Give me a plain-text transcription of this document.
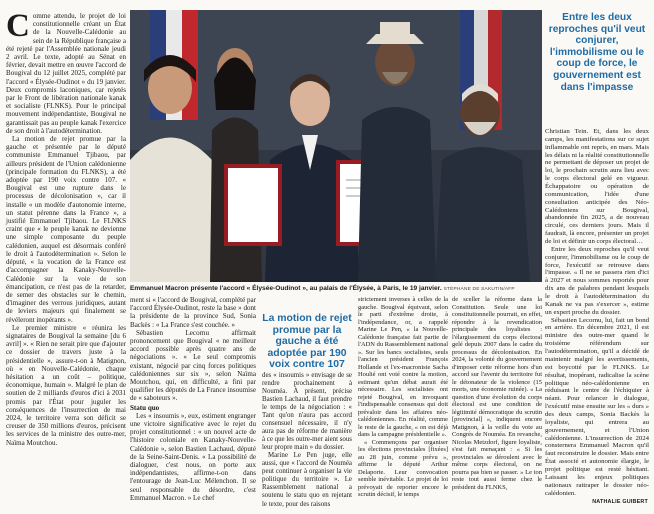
Comme attendu, le projet de loi constitutionnelle créant un État de la Nouvelle-Calédonie au sein de la République française a été rejeté par l'Assemblée nationale jeudi 2 avril. Le texte, adopté au Sénat en février, devait mettre en œuvre l'accord de Bougival du 12 juillet 2025, complété par l'accord « Élysée-Oudinot » du 19 janvier. Deux compromis laconiques, car rejetés par le Front de libération nationale kanak et socialiste (FLNKS). Pour le principal mouvement indépendantiste, Bougival ne garantissait pas au peuple kanak l'exercice de son droit à l'autodétermination.

La motion de rejet promue par la gauche et présentée par le député communiste Emmanuel Tjibaou, par ailleurs président de l'Union calédonienne (principale formation du FLNKS), a été adoptée par 190 voix contre 107. « Bougival est une rupture dans le processus de décolonisation », car il installe « un modèle d'autonomie interne, un statut pérenne dans la France », a justifié Emmanuel Tjibaou. Le FLNKS craint que « le peuple kanak ne devienne une simple composante du peuple calédonien, auquel est désormais conféré le droit à l'autodétermination ». Selon le député, « la vocation de la France est d'accompagner la Kanaky-Nouvelle-Calédonie sur la voie de son émancipation, ce n'est pas de la retarder, de semer des obstacles sur le chemin, d'imaginer des verrous juridiques, autant de leviers majeurs qui finalement se révéleront inopérants ».

Le premier ministre « réunira les signataires de Bougival la semaine [du 6 avril] ». « Rien ne serait pire que d'ajouter ce dossier de travers juste à la présidentielle », assure-t-on à Matignon, où « en Nouvelle-Calédonie, chaque hésitation a un coût – politique, économique, humain ». Malgré le plan de soutien de 2 milliards d'euros d'ici à 2031 promis par l'État pour juguler les conséquences de l'insurrection de mai 2024, le territoire verra son déficit se creuser de 350 millions d'euros, précisent les services de la ministre des outre-mer, Naïma Moutchou.

Emmanuel Macron présente l'accord « Élysée-Oudinot », au palais de l'Élysée, à Paris, le 19 janvier. STÉPHANE DE SAKUTIN/AFP
Entre les deux reproches qu'il veut conjurer, l'immobilisme ou le coup de force, le gouvernement est dans l'impasse

Christian Tein. Et, dans les deux camps, les manifestations sur ce sujet inflammable ont repris, en mars. Mais les délais ni la réalité constitutionnelle ne permettant de déposer un projet de loi, le prochain scrutin aura lieu avec le corps électoral gelé en vigueur. Échappatoire ou opération de communication, l'idée d'une consultation anticipée des Néo-Calédoniens sur Bougival, abandonnée fin 2025, a de nouveau circulé, ces derniers jours. Mais il faudrait, là encore, présenter un projet de loi et définir un corps électoral…

Entre les deux reproches qu'il veut conjurer, l'immobilisme ou le coup de force, l'exécutif se retrouve dans l'impasse. « Il ne se passera rien d'ici à 2027 et nous sommes reportés pour dix ans de palabres pendant lesquels le droit à l'autodétermination du Kanak ne va pas s'exercer », estime un expert proche du dossier.

Sébastien Lecornu, lui, fait un bond en arrière. En décembre 2021, il est ministre des outre-mer quand le troisième référendum sur l'autodétermination, qu'il a décidé de maintenir malgré les avertissements, est boycotté par le FLNKS. Le résultat, inopérant, radicalise la scène politique néo-calédonienne en réduisant le centre de l'échiquier à néant. Pour relancer le dialogue, l'exécutif mise ensuite sur les « durs » des deux camps, Sonia Backès la loyaliste, qui entrera au gouvernement, et l'Union calédonienne. L'insurrection de 2024 consternera Emmanuel Macron qu'il faut reconstruire le dossier. Mais entre État associé et autonomie élargie, le projet politique est resté hésitant. Laissant les enjeux politiques nationaux rattraper le dossier néo-calédonien.

ment si « l'accord de Bougival, complété par l'accord Élysée-Oudinot, reste la base » dont la présidente de la province Sud, Sonia Backès : « La France s'est couchée. »

Sébastien Lecornu affirmait prononcement que Bougival « ne meilleur accord possible après quatre ans de négociations ». « Le seul compromis existant, négocié par cinq forces politiques calédoniennes sur six », selon Naïma Moutchou, qui, en difficulté, a fini par qualifier les députés de La France insoumise de « saboteurs ».

Statu quo

Les « insoumis », eux, estiment engranger une victoire significative avec le rejet du projet constitutionnel : « un nouvel acte de l'histoire coloniale en Kanaky-Nouvelle-Calédonie », selon Bastien Lachaud, député de la Seine-Saint-Denis. « La possibilité de dialoguer, c'est nous, on porte aux indépendantistes, affirme-t-on dans l'entourage de Jean-Luc Mélenchon. Il se seul responsable du désordre, c'est Emmanuel Macron. » Le chef

La motion de rejet promue par la gauche a été adoptée par 190 voix contre 107

des « insoumis » envisage de se rendre prochainement à Nouméa. À présent, précise Bastien Lachaud, il faut prendre le temps de la négociation : « Tant qu'on n'aura pas accord consensuel nécessaire, il n'y aura pas de réforme de manière à ce que les outre-mer aient sous leur propre main » du dossier.

Marine Le Pen juge, elle aussi, que « l'accord de Nouméa peut continuer à organiser la vie politique du territoire ». Le Rassemblement national a soutenu le statu quo en rejetant le texte, pour des raisons

strictement inverses à celles de la gauche. Bougival équivaut, selon le parti d'extrême droite, à l'indépendance, or, a rappelé Marine Le Pen, « la Nouvelle-Calédonie française fait partie de l'ADN du Rassemblement national ». Sur les bancs socialistes, seuls l'ancien président François Hollande et l'ex-macroniste Sacha Houlié ont voté contre la motion, estimant qu'un débat aurait été nécessaire. Les socialistes ont rejeté Bougival, en invoquant l'indispensable consensus qui doit prévaloir dans les affaires néo-calédoniennes. En réalité, comme le reste de la gauche, « on est déjà dans la campagne présidentielle ».

« Commençons par organiser les élections provinciales [fixées] au 28 juin, comme prévu », affirme le député Arthur Delaporte. Leur convocation semble inévitable. Le projet de loi prévoyait de reporter encore le scrutin décisif, le temps

de sceller la réforme dans la Constitution. Seule une loi constitutionnelle pourrait, en effet, répondre à la revendication principale des loyalistes : l'élargissement du corps électoral gelé depuis 2007 dans le cadre du processus de décolonisation. En 2024, la volonté du gouvernement d'imposer cette réforme hors d'un accord sur l'avenir du territoire fut le détonateur de la violence (15 morts, une économie ruinée). « La question d'une évolution du corps électoral est une condition de légitimité démocratique du scrutin [provincial] », indiquent encore Matignon, à la veille du vote au Congrès de Nouméa. En revanche, Nicolas Metzdorf, figure loyaliste, s'est fait menaçant : « Si les provinciales se déroulent avec le même corps électoral, on ne pourra pas bien se passer. » Le ton reste tout aussi ferme chez le président du FLNKS,

NATHALIE GUIBERT
